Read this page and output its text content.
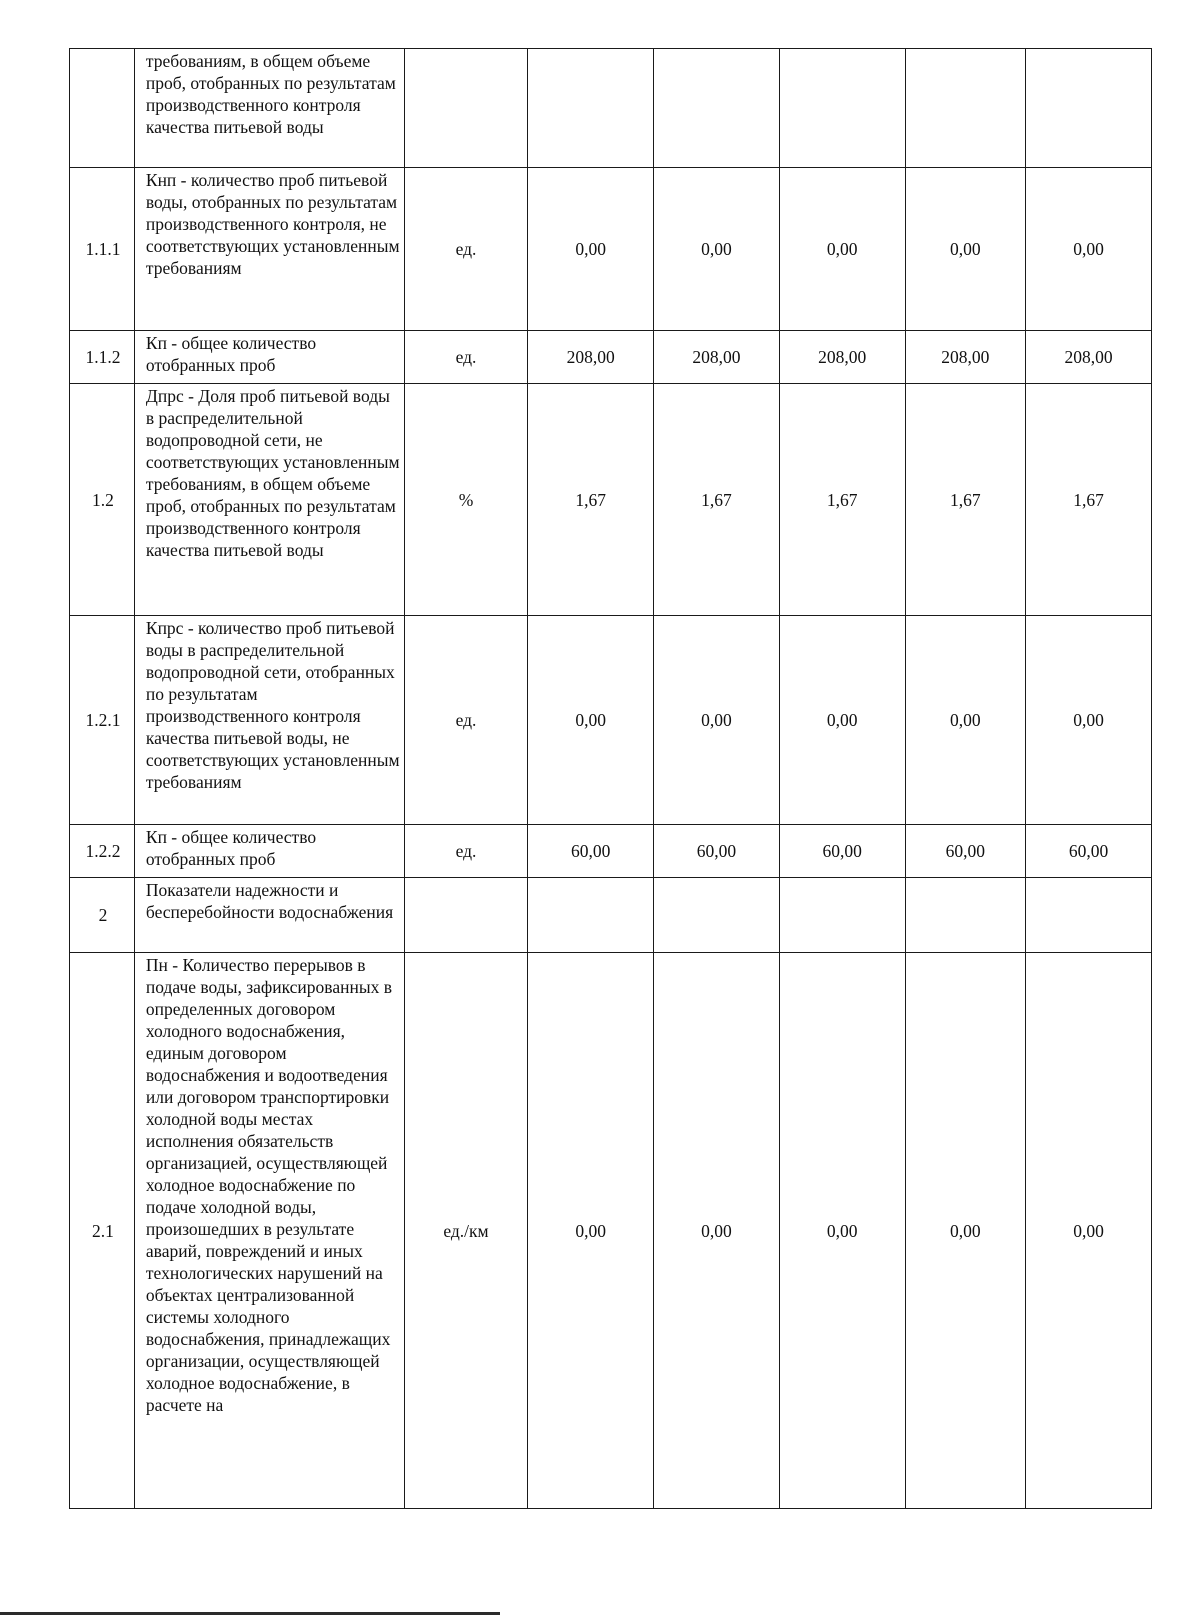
	требованиям, в общем объеме проб, отобранных по результатам производственного контроля качества питьевой воды						
1.1.1	Кнп - количество проб питьевой воды, отобранных по результатам производственного контроля, не соответствующих установленным требованиям	ед.	0,00	0,00	0,00	0,00	0,00
1.1.2	Кп - общее количество отобранных проб	ед.	208,00	208,00	208,00	208,00	208,00
1.2	Дпрс - Доля проб питьевой воды в распределительной водопроводной сети, не соответствующих установленным требованиям, в общем объеме проб, отобранных по результатам производственного контроля качества питьевой воды	%	1,67	1,67	1,67	1,67	1,67
1.2.1	Кпрс - количество проб питьевой воды в распределительной водопроводной сети, отобранных по результатам производственного контроля качества питьевой воды, не соответствующих установленным требованиям	ед.	0,00	0,00	0,00	0,00	0,00
1.2.2	Кп - общее количество отобранных проб	ед.	60,00	60,00	60,00	60,00	60,00
2	Показатели надежности и бесперебойности водоснабжения						
2.1	Пн - Количество перерывов в подаче воды, зафиксированных в определенных договором холодного водоснабжения, единым договором водоснабжения и водоотведения или договором транспортировки холодной воды местах исполнения обязательств организацией, осуществляющей холодное водоснабжение по подаче холодной воды, произошедших в результате аварий, повреждений и иных технологических нарушений на объектах централизованной системы холодного водоснабжения, принадлежащих организации, осуществляющей холодное водоснабжение, в расчете на	ед./км	0,00	0,00	0,00	0,00	0,00
